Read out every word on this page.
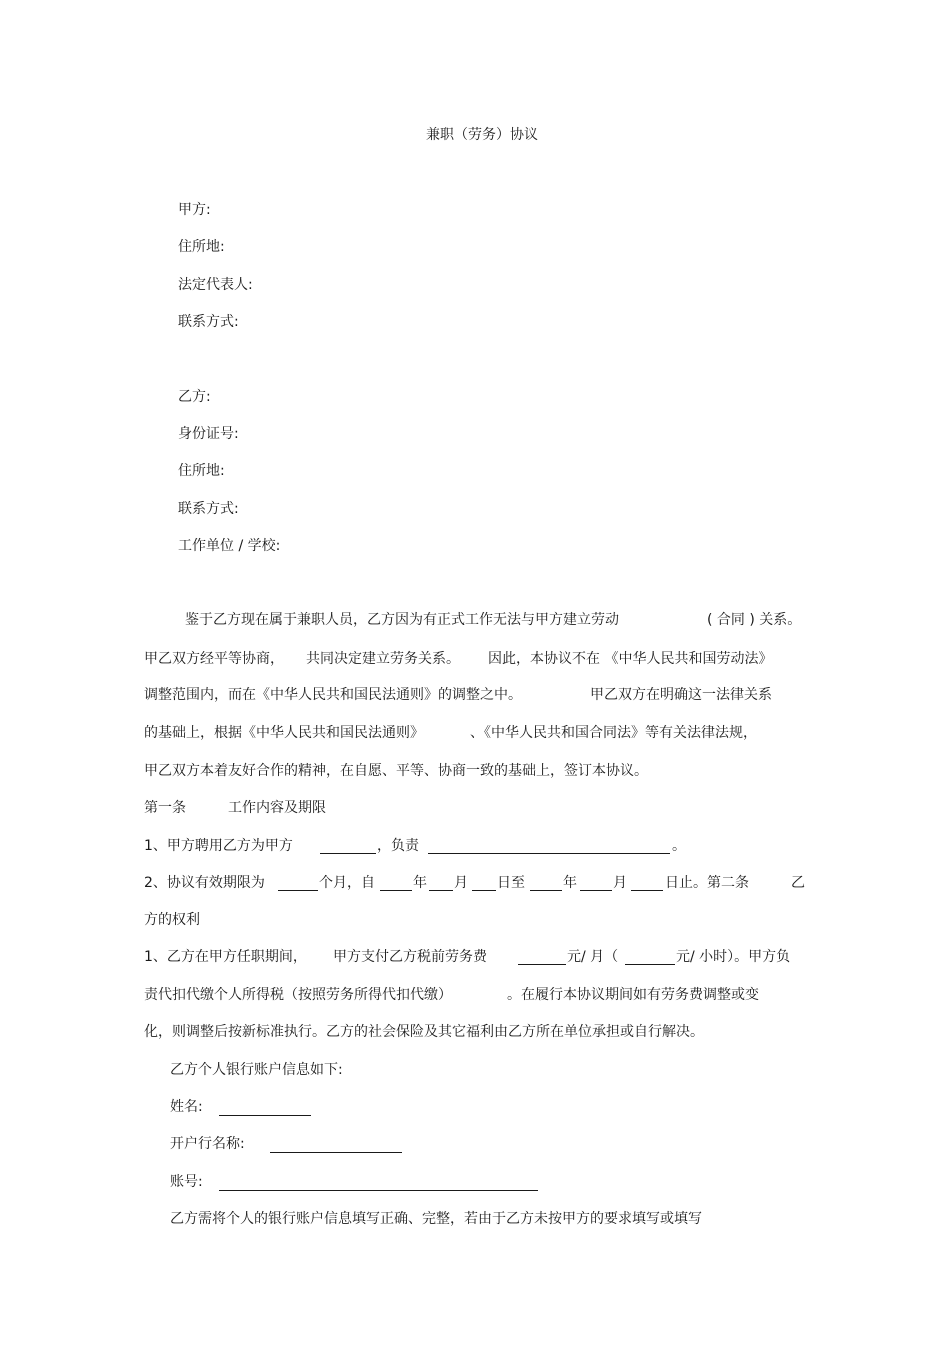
兼职（劳务）协议
甲方:
住所地:
法定代表人:
联系方式:
乙方:
身份证号:
住所地:
联系方式:
工作单位 / 学校:
鉴于乙方现在属于兼职人员，乙方因为有正式工作无法与甲方建立劳动	( 合同 ) 关系。
甲乙双方经平等协商， 共同决定建立劳务关系。 因此，本协议不在 《中华人民共和国劳动法》
调整范围内，而在《中华人民共和国民法通则》的调整之中。	甲乙双方在明确这一法律关系
的基础上，根据《中华人民共和国民法通则》	、《中华人民共和国合同法》等有关法律法规，
甲乙双方本着友好合作的精神，在自愿、平等、协商一致的基础上，签订本协议。
第一条	工作内容及期限
1、甲方聘用乙方为甲方	，负责	。
2、协议有效期限为	个月，自	年 月 日至	年	月	日止。第二条	乙
方的权利
1、乙方在甲方任职期间， 甲方支付乙方税前劳务费	元/ 月（	元/ 小时）。甲方负
责代扣代缴个人所得税（按照劳务所得代扣代缴）	。在履行本协议期间如有劳务费调整或变
化，则调整后按新标准执行。乙方的社会保险及其它福利由乙方所在单位承担或自行解决。
乙方个人银行账户信息如下:
姓名:
开户行名称:
账号:
乙方需将个人的银行账户信息填写正确、完整，若由于乙方未按甲方的要求填写或填写
